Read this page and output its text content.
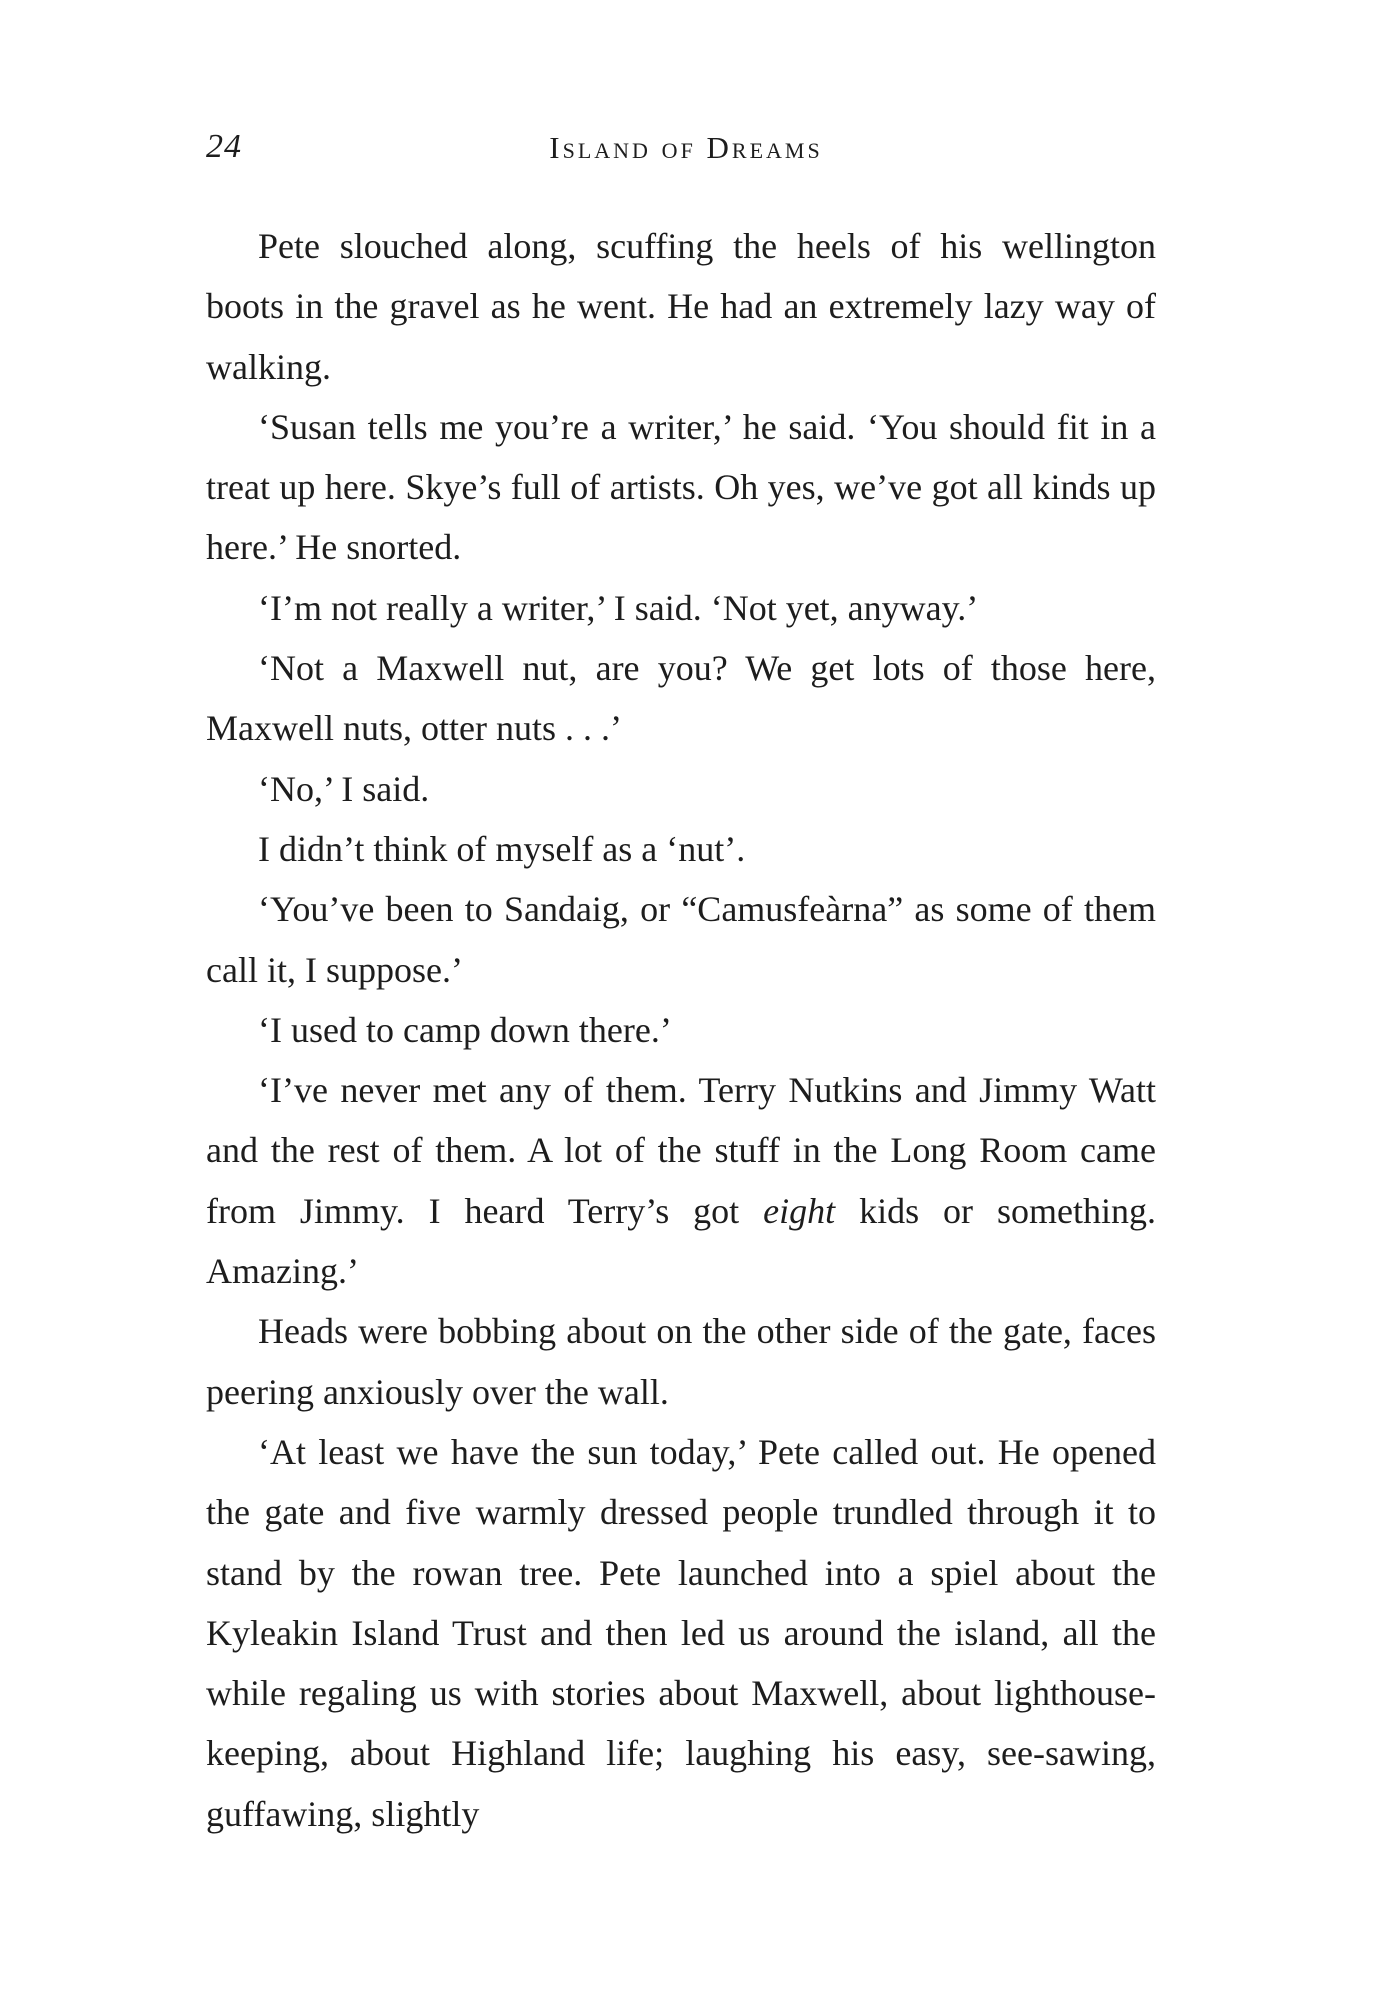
24	Island of Dreams

Pete slouched along, scuffing the heels of his wellington boots in the gravel as he went. He had an extremely lazy way of walking.

‘Susan tells me you’re a writer,’ he said. ‘You should fit in a treat up here. Skye’s full of artists. Oh yes, we’ve got all kinds up here.’ He snorted.

‘I’m not really a writer,’ I said. ‘Not yet, anyway.’

‘Not a Maxwell nut, are you? We get lots of those here, Maxwell nuts, otter nuts . . .’

‘No,’ I said.

I didn’t think of myself as a ‘nut’.

‘You’ve been to Sandaig, or “Camusfeàrna” as some of them call it, I suppose.’

‘I used to camp down there.’

‘I’ve never met any of them. Terry Nutkins and Jimmy Watt and the rest of them. A lot of the stuff in the Long Room came from Jimmy. I heard Terry’s got eight kids or something. Amazing.’

Heads were bobbing about on the other side of the gate, faces peering anxiously over the wall.

‘At least we have the sun today,’ Pete called out. He opened the gate and five warmly dressed people trundled through it to stand by the rowan tree. Pete launched into a spiel about the Kyleakin Island Trust and then led us around the island, all the while regaling us with stories about Maxwell, about lighthouse-keeping, about Highland life; laughing his easy, see-sawing, guffawing, slightly
